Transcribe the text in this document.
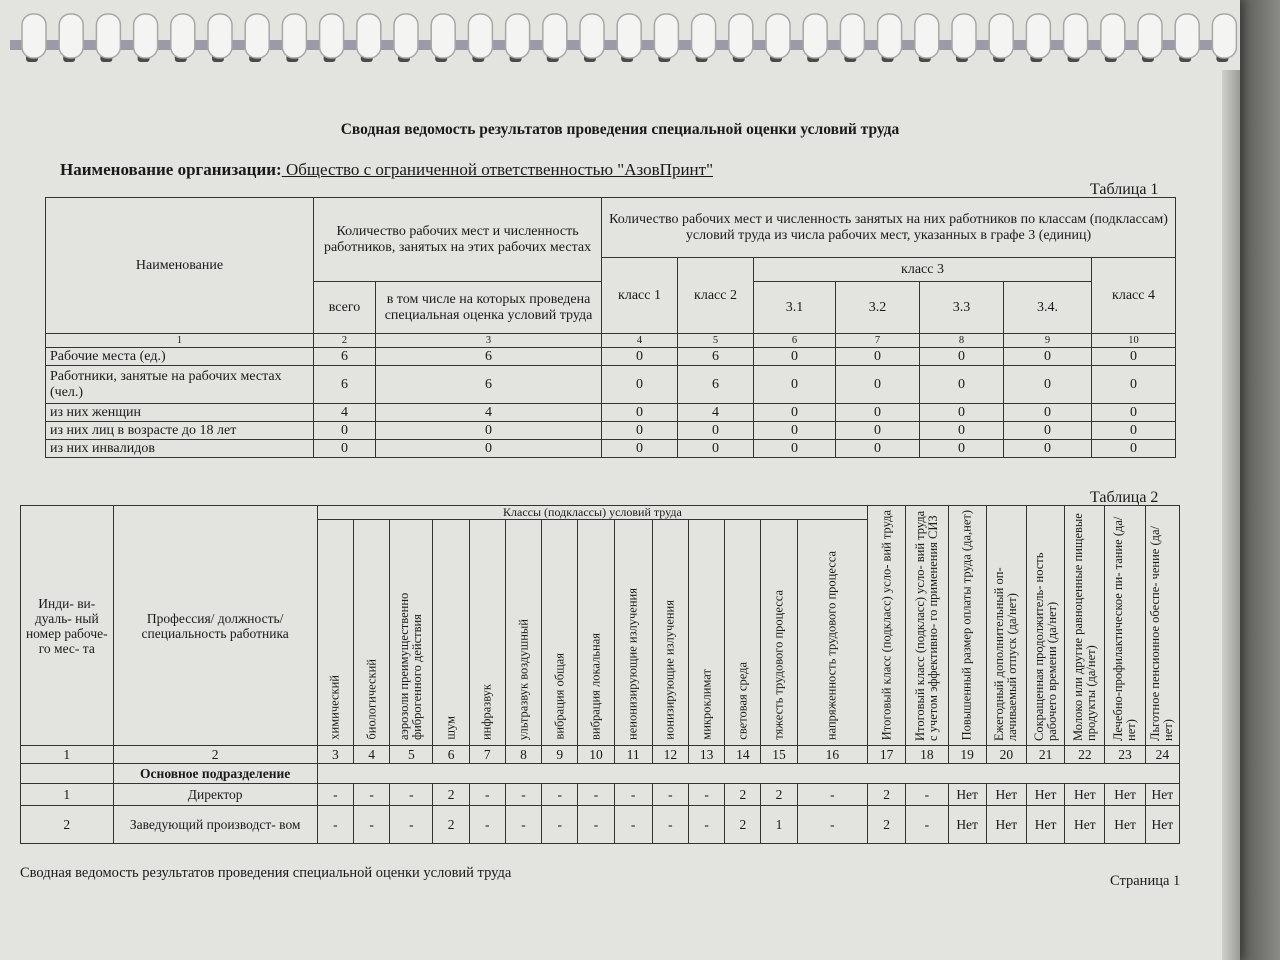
Сводная ведомость результатов проведения специальной оценки условий труда
Наименование организации: Общество с ограниченной ответственностью "АзовПринт"
Таблица 1
Наименование	Количество рабочих мест и численность работников, занятых на этих рабочих местах		Количество рабочих мест и численность занятых на них работников по классам (подклассам) условий труда из числа рабочих мест, указанных в графе 3 (единиц)						
			класс 1	класс 2	класс 3				класс 4
	всего	в том числе на которых проведена специальная оценка условий труда			3.1	3.2	3.3	3.4.	
1	2	3	4	5	6	7	8	9	10
Рабочие места (ед.)	6	6	0	6	0	0	0	0	0
Работники, занятые на рабочих местах (чел.)	6	6	0	6	0	0	0	0	0
из них женщин	4	4	0	4	0	0	0	0	0
из них лиц в возрасте до 18 лет	0	0	0	0	0	0	0	0	0
из них инвалидов	0	0	0	0	0	0	0	0	0
Таблица 2
Инди- ви- дуаль- ный номер рабоче- го мес- та	Профессия/ должность/ специальность работника	Классы (подклассы) условий труда														Итоговый класс (подкласс) усло- вий труда	Итоговый класс (подкласс) усло- вий труда с учетом эффективно- го применения СИЗ	Повышенный размер оплаты труда (да,нет)	Ежегодный дополнительный оп- лачиваемый отпуск (да/нет)	Сокращенная продолжитель- ность рабочего времени (да/нет)	Молоко или другие равноценные пищевые продукты (да/нет)	Лечебно-профилактическое пи- тание (да/нет)	Льготное пенсионное обеспе- чение (да/нет)

		химический	биологический	аэрозоли преимущественно фиброгенного действия	шум	инфразвук	ультразвук воздушный	вибрация общая	вибрация локальная	неионизирующие излучения	ионизирующие излучения	микроклимат	световая среда	тяжесть трудового процесса	напряженность трудового процесса								

1	2	3	4	5	6	7	8	9	10	11	12	13	14	15	16	17	18	19	20	21	22	23	24
	Основное подразделение																						
1	Директор	-	-	-	2	-	-	-	-	-	-	-	2	2	-	2	-	Нет	Нет	Нет	Нет	Нет	Нет
2	Заведующий производст- вом	-	-	-	2	-	-	-	-	-	-	-	2	1	-	2	-	Нет	Нет	Нет	Нет	Нет	Нет
Сводная ведомость результатов проведения специальной оценки условий труда	Страница 1
